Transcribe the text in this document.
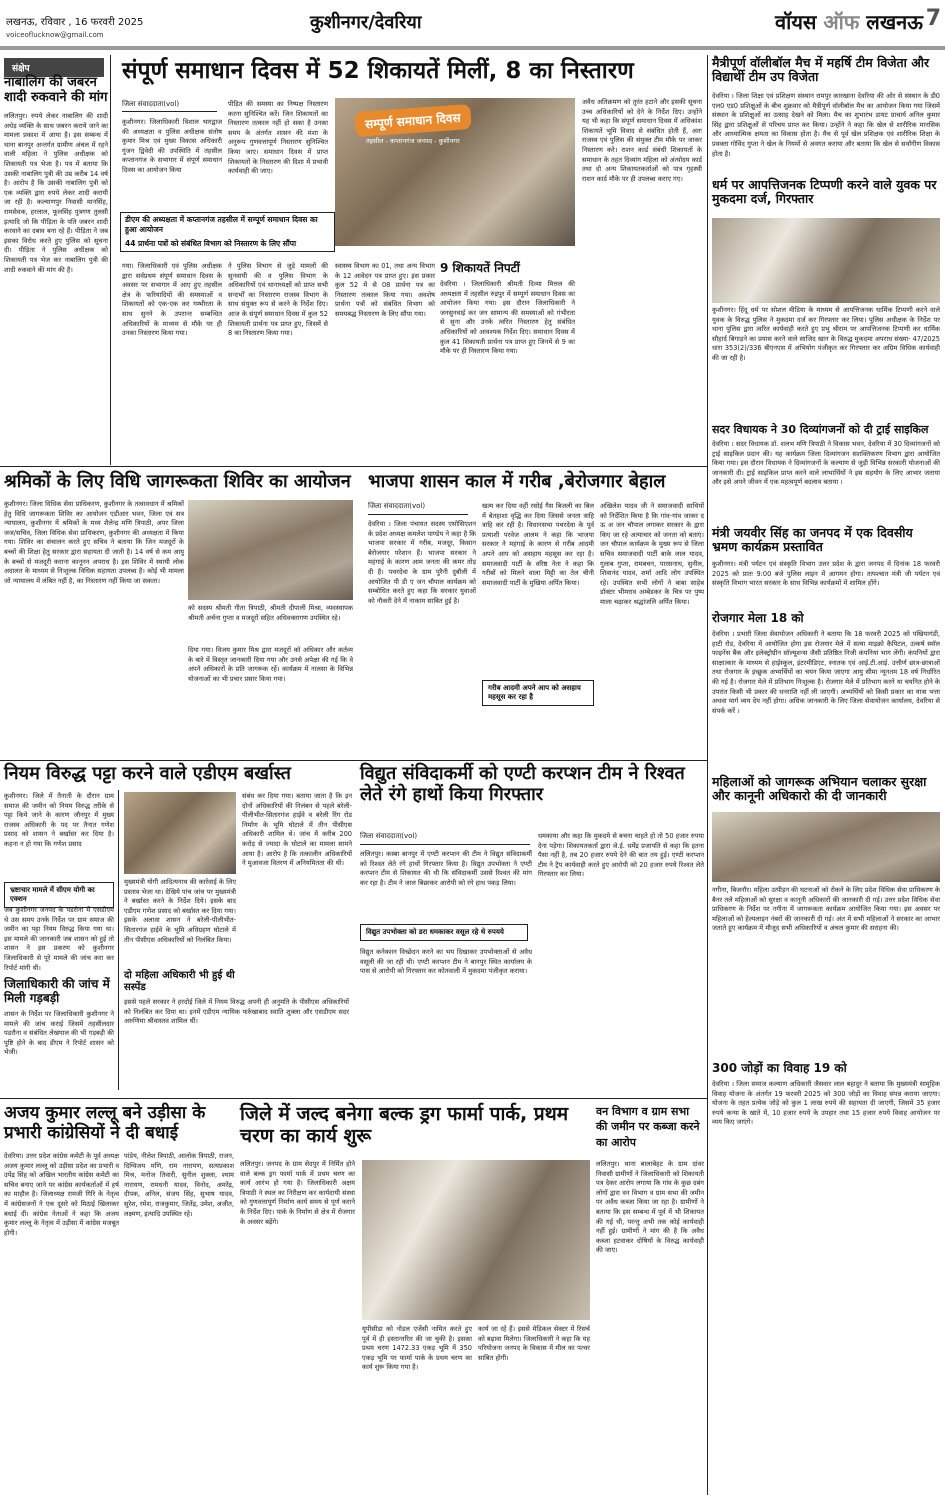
लखनऊ, रविवार , 16 फरवरी 2025
voiceoflucknow@gmail.com
कुशीनगर/देवरिया	वॉयस ऑफ लखनऊ 7
संक्षेप
नाबालिग की जबरन शादी रुकवाने की मांग
ललितपुर। रुपये लेकर नाबालिग की शादी अधेड़ व्यक्ति के साथ जबरन कराये जाने का मामला प्रकाश में आया है। इस सम्बन्ध में थाना बानपुर अन्तर्गत ग्रामीण अंचल में रहने वाली महिला ने पुलिस अधीक्षक को शिकायती पत्र भेजा है। पत्र में बताया कि उसकी नाबालिग पुत्री की उम्र करीब 14 वर्ष है। आरोप है कि उसकी नाबालिग पुत्री को एक व्यक्ति द्वारा रुपये लेकर शादी करायी जा रही है। कल्याणपुर निवासी मानसिंह, रामसेवक, हरलाल, फूलसिंह पुत्रगण तुलसी इत्यादि जो कि पीड़िता के पति जबरन शादी करवाने का दबाव बना रहे हैं। पीड़िता ने जब इसका विरोध करते हुए पुलिस को सूचना दी। पीड़िता ने पुलिस अधीक्षक को शिकायती पत्र भेज कर नाबालिग पुत्री की शादी रुकवाने की मांग की है।
संपूर्ण समाधान दिवस में 52 शिकायतें मिलीं, 8 का निस्तारण
जिला संवाददाता(vol)
कुशीनगर। जिलाधिकारी विशाल भारद्वाज की अध्यक्षता व पुलिस अधीक्षक संतोष कुमार मिश्र एवं मुख्य विकास अधिकारी गुंजन द्विवेदी की उपस्थिति में तहसील कप्तानगंज के सभागार में संपूर्ण समाधान दिवस का आयोजन किया
पीड़ित की समस्या का निष्पक्ष निस्तारण करना सुनिश्चित करें। जिन शिकायतों का निस्तारण तत्काल नहीं हो सका है उनका समय के अंतर्गत शासन की मंशा के अनुरूप गुणवत्तापूर्ण निस्तारण सुनिश्चित किया जाए। समाधान दिवस में प्राप्त शिकायतों के निस्तारण की दिशा में प्रभावी कार्यवाही की जाए।
डीएम की अध्यक्षता में कप्तानगंज तहसील में सम्पूर्ण समाधान दिवस का हुआ आयोजन
44 प्रार्थना पत्रों को संबंधित विभाग को निस्तारण के लिए सौंपा
गया। जिलाधिकारी एवं पुलिस अधीक्षक द्वारा सर्वप्रथम संपूर्ण समाधान दिवस के अवसर पर सभागार में आए हुए तहसील क्षेत्र के फरियादियों की समस्याओं व शिकायतों को एक-एक कर गम्भीरता के साथ सुनने के उपरान्त सम्बन्धित अधिकारियों के माध्यम से मौके पर ही उनका निस्तारण किया गया।
ने पुलिस विभाग से जुड़े मामलों की सुनवायी की व पुलिस विभाग के अधिकारियों एवं थानाध्यक्षों को प्राप्त सभी सन्दर्भों का निस्तारण राजस्व विभाग के साथ संयुक्त रूप से करने के निर्देश दिए। आज के संपूर्ण समाधान दिवस में कुल 52 शिकायती प्रार्थना पत्र प्राप्त हुए, जिसमें से 8 का निस्तारण किया गया।
सम्पूर्ण समाधान दिवस
तहसील - कप्तानगंज जनपद - कुशीनगर
स्वास्थ्य विभाग का 01, तथा अन्य विभाग के 12 आवेदन पत्र प्राप्त हुए। इस प्रकार कुल 52 में से 08 प्रार्थना पत्र का निस्तारण तत्काल किया गया। अवशेष प्रार्थना पत्रों को संबंधित विभाग को समयबद्ध निस्तारण के लिए सौंपा गया।
9 शिकायतें निपटीं
देवरिया । जिलाधिकारी श्रीमती दिव्या मित्तल की अध्यक्षता में तहसील रुद्रपुर में सम्पूर्ण समाधान दिवस का आयोजन किया गया। इस दौरान जिलाधिकारी ने जनसुनवाई कर जन सामान्य की समस्याओं को गंभीरता से सुना और उनके त्वरित निस्तारण हेतु संबंधित अधिकारियों को आवश्यक निर्देश दिए। समाधान दिवस में कुल 41 शिकायती प्रार्थना पत्र प्राप्त हुए जिनमें से 9 का मौके पर ही निस्तारण किया गया।
अवैध अतिक्रमण को तुरंत हटाने और इसकी सूचना उच्च अधिकारियों को देने के निर्देश दिए। उन्होंने यह भी कहा कि संपूर्ण समाधान दिवस में अधिकांश शिकायतें भूमि विवाद से संबंधित होती हैं, अतः राजस्व एवं पुलिस की संयुक्त टीम मौके पर जाकर निस्तारण करे। राशन कार्ड संबंधी शिकायतों के समाधान के तहत दिव्यांग महिला को अंत्योदय कार्ड तथा दो अन्य शिकायतकर्ताओं को पात्र गृहस्थी राशन कार्ड मौके पर ही उपलब्ध कराए गए।
मैत्रीपूर्ण वॉलीबॉल मैच में महर्षि टीम विजेता और विद्यार्थी टीम उप विजेता
देवरिया । जिला शिक्षा एवं प्रशिक्षण संस्थान रामपुर कारखाना देवरिया की ओर से संस्थान के डी0 एल0 एड0 प्रशिक्षुओं के बीच शुक्रवार को मैत्रीपूर्ण वॉलीबॉल मैच का आयोजन किया गया जिसमें संस्थान के प्रशिक्षुओं का उत्साह देखने को मिला। मैच का शुभारंभ डायट प्राचार्य अनिल कुमार सिंह द्वारा प्रशिक्षुओं से परिचय प्राप्त कर किया। उन्होंने ने कहा कि खेल से शारीरिक मानसिक और आध्यात्मिक क्षमता का विकास होता है। मैच से पूर्व खेल प्रशिक्षक एवं शारीरिक शिक्षा के प्रवक्ता गोविंद गुप्ता ने खेल के नियमों से अवगत कराया और बताया कि खेल से सर्वांगीण विकास होता है।
धर्म पर आपत्तिजनक टिप्पणी करने वाले युवक पर मुकदमा दर्ज, गिरफ्तार
कुशीनगर। हिंदू धर्म पर सोशल मीडिया के माध्यम से आपत्तिजनक धार्मिक टिप्पणी करने वाले युवक के विरुद्ध पुलिस ने मुकदमा दर्ज कर गिरफ्तार कर लिया। पुलिस अधीक्षक के निर्देश पर थाना पुलिस द्वारा त्वरित कार्यवाही करते हुए प्रभु श्रीराम पर आपत्तिजनक टिप्पणी कर धार्मिक सौहार्द बिगाड़ने का प्रयास करने वाले साजिद खान के विरुद्ध मुकदमा अपराध संख्या- 47/2025 धारा 353(2)/336 बीएनएस में अभियोग पंजीकृत कर गिरफ्तार कर अग्रिम विधिक कार्यवाही की जा रही है।
सदर विधायक ने 30 दिव्यांगजनों को दी ट्राई साइकिल
देवरिया । सदर विधायक डॉ. शलभ मणि त्रिपाठी ने विकास भवन, देवरिया में 30 दिव्यांगजनों को ट्राई साइकिल प्रदान की। यह कार्यक्रम जिला दिव्यांगजन सशक्तिकरण विभाग द्वारा आयोजित किया गया। इस दौरान विधायक ने दिव्यांगजनों के कल्याण से जुड़ी विभिन्न सरकारी योजनाओं की जानकारी दी। ट्राई साइकिल प्राप्त करने वाले लाभार्थियों ने इस सहयोग के लिए आभार जताया और इसे अपने जीवन में एक महत्वपूर्ण बदलाव बताया ।
मंत्री जयवीर सिंह का जनपद में एक दिवसीय भ्रमण कार्यक्रम प्रस्तावित
कुशीनगर। मंत्री पर्यटन एवं संस्कृति विभाग उत्तर प्रदेश के द्वारा जनपद में दिनांक 18 फरवरी 2025 को प्रातः 9:00 बजे पुलिस लाइन में आगमन होगा। तत्पश्चात मंत्री जी पर्यटन एवं संस्कृति विभाग भारत सरकार के साथ विभिन्न कार्यक्रमों में शामिल होंगे।
रोजगार मेला 18 को
देवरिया । प्रभारी जिला सेवायोजन अधिकारी ने बताया कि 18 फरवरी 2025 को पखियागंडी, हाटी रोड, देवरिया में आयोजित होगा इस रोजगार मेले में सत्या माइक्रो कैपिटल, उत्कर्ष स्मॉल फाइनेंस बैंक और इलेक्ट्रोग्रीन सॉल्यूशन्स जैसी प्रतिष्ठित निजी कंपनियां भाग लेंगी। कंपनियों द्वारा साक्षात्कार के माध्यम से हाईस्कूल, इंटरमीडिएट, स्नातक एवं आई.टी.आई. उत्तीर्ण छात्र-छात्राओं तथा रोजगार के इच्छुक अभ्यर्थियों का चयन किया जाएगा आयु सीमा न्यूनतम 18 वर्ष निर्धारित की गई है। रोजगार मेले में प्रतिभाग निःशुल्क है। रोजगार मेले में प्रतिभाग करने या चयनित होने के उपरांत किसी भी प्रकार की धनराशि नहीं ली जाएगी। अभ्यर्थियों को किसी प्रकार का यात्रा भत्ता अथवा मार्ग व्यय देय नहीं होगा। अधिक जानकारी के लिए जिला सेवायोजन कार्यालय, देवरिया से संपर्क करें ।
महिलाओं को जागरूक अभियान चलाकर सुरक्षा और कानूनी अधिकारो की दी जानकारी
नगीना, बिजनौर। महिला उत्पीड़न की घटनाओं को रोकने के लिए प्रदेश विधिक सेवा प्राधिकरण के बैनर तले महिलाओं को सुरक्षा व कानूनी अधिकारों की जानकारी दी गई। उत्तर प्रदेश विधिक सेवा प्राधिकरण के निर्देश पर नगीना में जागरूकता कार्यक्रम आयोजित किया गया। इस अवसर पर महिलाओं को हेल्पलाइन नंबरों की जानकारी दी गई। अंत में सभी महिलाओं ने सरकार का आभार जताते हुए कार्यक्रम में मौजूद सभी अधिकारियों व अंचल कुमार की सराहना की।
300 जोड़ों का विवाह 19 को
देवरिया । जिला समाज कल्याण अधिकारी जैसवार लाल बहादुर ने बताया कि मुख्यमंत्री सामूहिक विवाह योजना के अंतर्गत 19 फरवरी 2025 को 300 जोड़ों का विवाह संपन्न कराया जाएगा। योजना के तहत प्रत्येक जोड़े को कुल 1 लाख रुपये की सहायता दी जाएगी, जिसमें 35 हजार रुपये कन्या के खाते में, 10 हजार रुपये के उपहार तथा 15 हजार रुपये विवाह आयोजन पर व्यय किए जाएंगे।
श्रमिकों के लिए विधि जागरूकता शिविर का आयोजन
कुशीनगर। जिला विधिक सेवा प्राधिकरण, कुशीनगर के तत्वावधान में श्रमिकों हेतु विधि जागरूकता शिविर का आयोजन एडीआर भवन, जिला एवं सत्र न्यायालय, कुशीनगर में श्रमिकों के मध्य शैलेन्द्र मणि त्रिपाठी, अपर जिला जज/सचिव, जिला विधिक सेवा प्राधिकरण, कुशीनगर की अध्यक्षता में किया गया। शिविर का संचालन करते हुए सचिव ने बताया कि जिन मजदूरों के बच्चों की शिक्षा हेतु सरकार द्वारा सहायता दी जाती है। 14 वर्ष से कम आयु के बच्चों से मजदूरी कराना कानूनन अपराध है। इस शिविर में स्थायी लोक अदालत के माध्यम से निःशुल्क विधिक सहायता उपलब्ध है। कोई भी मामला जो न्यायालय में लंबित नहीं है, का निस्तारण नहीं किया जा सकता।
को सदस्य श्रीमती गीता त्रिपाठी, श्रीमती दीपाली मिश्रा, व्यवस्थापक श्रीमती अर्चना गुप्ता व मजदूरों सहित अधिवक्तागण उपस्थित रहे।
दिया गया। विजय कुमार मिश्र द्वारा मजदूरों को अधिकार और कर्तव्य के बारे में विस्तृत जानकारी दिया गया और उनसे अपेक्षा की गई कि वे अपने अधिकारों के प्रति जागरूक रहें। कार्यक्रम में नालसा के विभिन्न योजनाओं का भी प्रचार प्रसार किया गया।
भाजपा शासन काल में गरीब ,बेरोजगार बेहाल
जिला संवाददाता(vol)
देवरिया । जिला पंचायत सदस्य एसोसिएशन के प्रदेश अध्यक्ष कमलेश पाण्डेय ने कहा है कि भाजपा सरकार में गरीब, मजदूर, किसान बेरोजगार परेशान हैं। भाजपा सरकार ने महंगाई के कारण आम जनता की कमर तोड़ दी है। पथरदेवा के ग्राम पुरैनी दुबौली में आयोजित पी डी ए जन चौपाल कार्यक्रम को सम्बोधित करते हुए कहा कि सरकार युवाओं को नौकरी देने में नाकाम साबित हुई है।
गरीब आदमी अपने आप को असहाय महसूस कर रहा है
खत्म कर दिया वहीं रसोई गैस बिजली का बिल में बेतहाशा वृद्धि कर दिया जिससे जनता त्राहि त्राहि कर रही है। विधानसभा पथरदेवा के पूर्व प्रत्याशी परवेज आलम ने कहा कि भाजपा सरकार ने महंगाई के कारण से गरीब आदमी अपने आप को असहाय महसूस कर रहा है। समाजवादी पार्टी के वरिष्ठ नेता ने कहा कि गरीबों को मिलने वाला मिट्टी का तेल चीनी समाजवादी पार्टी के मुखिया अर्पित किया।
अखिलेश यादव जी ने समाजवादी साथियों को निर्देशित किया है कि गांव-गांव जाकर द ऊ अ जन चौपाल लगाकर सरकार के द्वारा किए जा रहे अत्याचार को जनता को बताएं। जन चौपाल कार्यक्रम के मुख्य रूप से जिला सचिव समाजवादी पार्टी बाके लाल यादव, गुलाब गुप्ता, रामबचन, पारसनाथ, सुनील, शिवानंद यादव, शर्मा आदि लोग उपस्थित रहे। उपस्थित सभी लोगों ने बाबा साहेब डॉक्टर भीमराव अम्बेडकर के चित्र पर पुष्प माला चढ़ाकर श्रद्धांजलि अर्पित किया।
नियम विरुद्ध पट्टा करने वाले एडीएम बर्खास्त
कुशीनगर। जिले में तैनाती के दौरान ग्राम समाज की जमीन को नियम विरुद्ध तरीके से पट्टा किये जाने के कारण जौनपुर में मुख्य राजस्व अधिकारी के पद पर तैनात गणेश प्रसाद को शासन ने बर्खास्त कर दिया है। कहना न हो गया कि गणेश प्रसाद
भ्रष्टाचार मामले में सीएम योगी का एक्शन
जब कुशीनगर जनपद के पडरौना में एसडीएम थे उस समय उनके निर्देश पर ग्राम समाज की जमीन का पट्टा नियम विरुद्ध किया गया था। इस मामले की जानकारी जब शासन को हुई तो शासन ने इस प्रकरण को कुशीनगर जिलाधिकारी से पूरे मामले की जांच करा कर रिपोर्ट मांगी थी।
जिलाधिकारी की जांच में मिली गड़बड़ी
शासन के निर्देश पर जिलाधिकारी कुशीनगर ने मामले की जांच कराई जिसमें तहसीलदार पडरौना व संबंधित लेखपाल की भी गड़बड़ी की पुष्टि होने के बाद डीएम ने रिपोर्ट शासन को भेजी।
मुख्यमंत्री योगी आदित्यनाथ की कार्रवाई के लिए प्रस्ताव भेजा था। देखिये पांच जांच पर मुख्यमंत्री ने बर्खास्त करने के निर्देश दिये। इसके बाद एडीएम गणेश प्रसाद को बर्खास्त कर दिया गया। इसके अलावा शासन ने बरेली-पीलीभीत-सितारगंज हाईवे के भूमि अधिग्रहण घोटाले में तीन पीसीएस अधिकारियों को निलंबित किया।
दो महिला अधिकारी भी हुई थी सस्पेंड
इससे पहले सरकार ने हरदोई जिले में नियम विरुद्ध अपनी ही अनुमति के पीसीएस अधिकारियों को निलंबित कर दिया था। इनमें एडीएम न्यायिक फर्रुखाबाद स्वाति शुक्ला और एसडीएम सदर अरुणिमा श्रीवास्तव शामिल थीं।
संबंध कर दिया गया। बताया जाता है कि इन दोनों अधिकारियों की निलंबन से पहले बरेली-पीलीभीत-सितारगंज हाईवे व बरेली रिंग रोड निर्माण के भूमि घोटाले में तीन पीसीएस अधिकारी शामिल थे। जांच में करीब 200 करोड़ से ज्यादा के घोटाले का मामला सामने आया है। आरोप है कि तत्कालीन अधिकारियों ने मुआवजा वितरण में अनियमितता की थी।
विद्युत संविदाकर्मी को एण्टी करप्शन टीम ने रिश्वत लेते रंगे हाथों किया गिरफ्तार
जिला संवाददाता(vol)
ललितपुर। कस्बा बानपुर में एण्टी करप्शन की टीम ने विद्युत संविदाकर्मी को रिश्वत लेते रंगे हाथों गिरफ्तार किया है। विद्युत उपभोक्ता ने एण्टी करप्शन टीम से शिकायत की थी कि संविदाकर्मी उससे रिश्वत की मांग कर रहा है। टीम ने जाल बिछाकर आरोपी को रंगे हाथ पकड़ लिया।
विद्युत उपभोक्ता को डरा धमकाकर वसूल रहे थे रुपयये
विद्युत कनेक्शन विच्छेदन करने का भय दिखाकर उपभोक्ताओं से अवैध वसूली की जा रही थी। एण्टी करप्शन टीम ने बानपुर स्थित कार्यालय के पास से आरोपी को गिरफ्तार कर कोतवाली में मुकदमा पंजीकृत कराया।
धमकाया और कहा कि मुकदमे से बचना चाहते हो तो 50 हजार रुपया देना पड़ेगा। शिकायतकर्ता द्वारा जे.ई. धर्मेंद्र प्रजापति से कहा कि इतना पैसा नहीं है, तब 20 हजार रुपये देने की बात तय हुई। एण्टी करप्शन टीम ने ट्रैप कार्यवाही करते हुए आरोपी को 20 हजार रुपये रिश्वत लेते गिरफ्तार कर लिया।
अजय कुमार लल्लू बने उड़ीसा के प्रभारी कांग्रेसियों ने दी बधाई
देवरिया। उत्तर प्रदेश कांग्रेस कमेटी के पूर्व अध्यक्ष अजय कुमार लल्लू को उड़ीसा प्रदेश का प्रभारी व उपेंद्र सिंह को अखिल भारतीय कांग्रेस कमेटी का सचिव बनाए जाने पर कांग्रेस कार्यकर्ताओं में हर्ष का माहौल है। जिलाध्यक्ष रामजी गिरि के नेतृत्व में कांग्रेसजनों ने एक दूसरे को मिठाई खिलाकर बधाई दी। कांग्रेस नेताओं ने कहा कि अजय कुमार लल्लू के नेतृत्व में उड़ीसा में कांग्रेस मजबूत होगी।
पांडेय, नीलेश त्रिपाठी, आलोक त्रिपाठी, राजन, दिग्विजय मणि, राम नारायण, सत्यप्रकाश मिश्र, मनोज तिवारी, सुनील शुक्ला, श्याम नारायण, रामधनी यादव, विनोद, अमरेंद्र, दीपक, अनिल, संजय सिंह, सुभाष यादव, सुरेश, रमेश, राजकुमार, जितेंद्र, उमेश, अजीत, लक्ष्मण, इत्यादि उपस्थित रहे।
जिले में जल्द बनेगा बल्क ड्रग फार्मा पार्क, प्रथम चरण का कार्य शुरू
ललितपुर। जनपद के ग्राम सेदपुर में निर्मित होने वाले बल्क ड्रग फार्मा पार्क में प्रथम चरण का कार्य आरंभ हो गया है। जिलाधिकारी अक्षय त्रिपाठी ने स्थल का निरीक्षण कर कार्यदायी संस्था को गुणवत्तापूर्ण निर्माण कार्य समय से पूर्ण कराने के निर्देश दिए। पार्क के निर्माण से क्षेत्र में रोजगार के अवसर बढ़ेंगे।
यूपीसीडा को नोडल एजेंसी नामित करते हुए पूर्व में ही हस्तान्तरित की जा चुकी है। इसका प्रथम चरण 1472.33 एकड़ भूमि में 350 एकड़ भूमि पर फार्मा पार्क के प्रथम चरण का कार्य शुरू किया गया है।
कार्य जा रहे हैं। इससे मेडिकल सेक्टर में रिसर्च को बढ़ावा मिलेगा। जिलाधिकारी ने कहा कि यह परियोजना जनपद के विकास में मील का पत्थर साबित होगी।
वन विभाग व ग्राम सभा की जमीन पर कब्जा करने का आरोप
ललितपुर। थाना बालाबेहट के ग्राम दांवर निवासी ग्रामीणों ने जिलाधिकारी को शिकायती पत्र देकर आरोप लगाया कि गांव के कुछ दबंग लोगों द्वारा वन विभाग व ग्राम सभा की जमीन पर अवैध कब्जा किया जा रहा है। ग्रामीणों ने बताया कि इस सम्बन्ध में पूर्व में भी शिकायत की गई थी, परन्तु अभी तक कोई कार्यवाही नहीं हुई। ग्रामीणों ने मांग की है कि अवैध कब्जा हटवाकर दोषियों के विरुद्ध कार्यवाही की जाए।
